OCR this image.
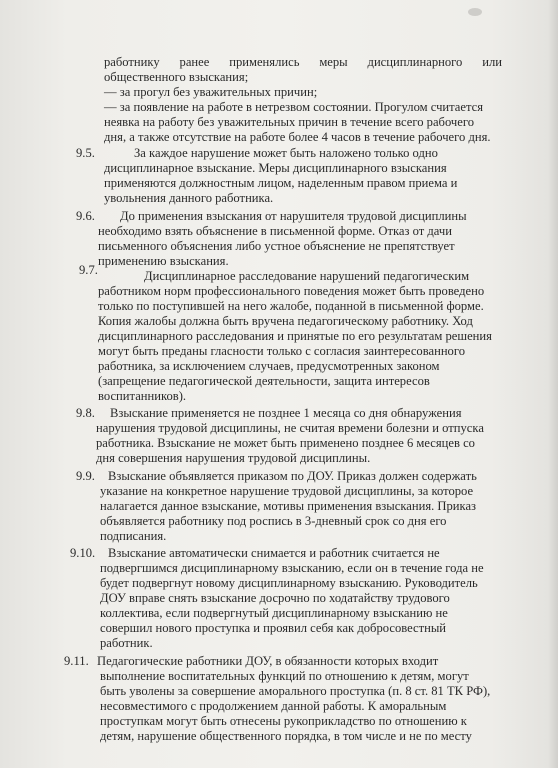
работнику ранее применялись меры дисциплинарного или
общественного взыскания;
— за прогул без уважительных причин;
— за появление на работе в нетрезвом состоянии. Прогулом считается
неявка на работу без уважительных причин в течение всего рабочего
дня, а также отсутствие на работе более 4 часов в течение рабочего дня.
9.5.	За каждое нарушение может быть наложено только одно
дисциплинарное взыскание. Меры дисциплинарного взыскания
применяются должностным лицом, наделенным правом приема и
увольнения данного работника.
9.6. До применения взыскания от нарушителя трудовой дисциплины
необходимо взять объяснение в письменной форме. Отказ от дачи
письменного объяснения либо устное объяснение не препятствует
применению взыскания.
9.7.	Дисциплинарное расследование нарушений педагогическим
работником норм профессионального поведения может быть проведено
только по поступившей на него жалобе, поданной в письменной форме.
Копия жалобы должна быть вручена педагогическому работнику. Ход
дисциплинарного расследования и принятые по его результатам решения
могут быть преданы гласности только с согласия заинтересованного
работника, за исключением случаев, предусмотренных законом
(запрещение педагогической деятельности, защита интересов
воспитанников).
9.8. Взыскание применяется не позднее 1 месяца со дня обнаружения
нарушения трудовой дисциплины, не считая времени болезни и отпуска
работника. Взыскание не может быть применено позднее 6 месяцев со
дня совершения нарушения трудовой дисциплины.
9.9. Взыскание объявляется приказом по ДОУ. Приказ должен содержать
указание на конкретное нарушение трудовой дисциплины, за которое
налагается данное взыскание, мотивы применения взыскания. Приказ
объявляется работнику под роспись в 3-дневный срок со дня его
подписания.
9.10. Взыскание автоматически снимается и работник считается не
подвергшимся дисциплинарному взысканию, если он в течение года не
будет подвергнут новому дисциплинарному взысканию. Руководитель
ДОУ вправе снять взыскание досрочно по ходатайству трудового
коллектива, если подвергнутый дисциплинарному взысканию не
совершил нового проступка и проявил себя как добросовестный
работник.
9.11. Педагогические работники ДОУ, в обязанности которых входит
выполнение воспитательных функций по отношению к детям, могут
быть уволены за совершение аморального проступка (п. 8 ст. 81 ТК РФ),
несовместимого с продолжением данной работы. К аморальным
проступкам могут быть отнесены рукоприкладство по отношению к
детям, нарушение общественного порядка, в том числе и не по месту
